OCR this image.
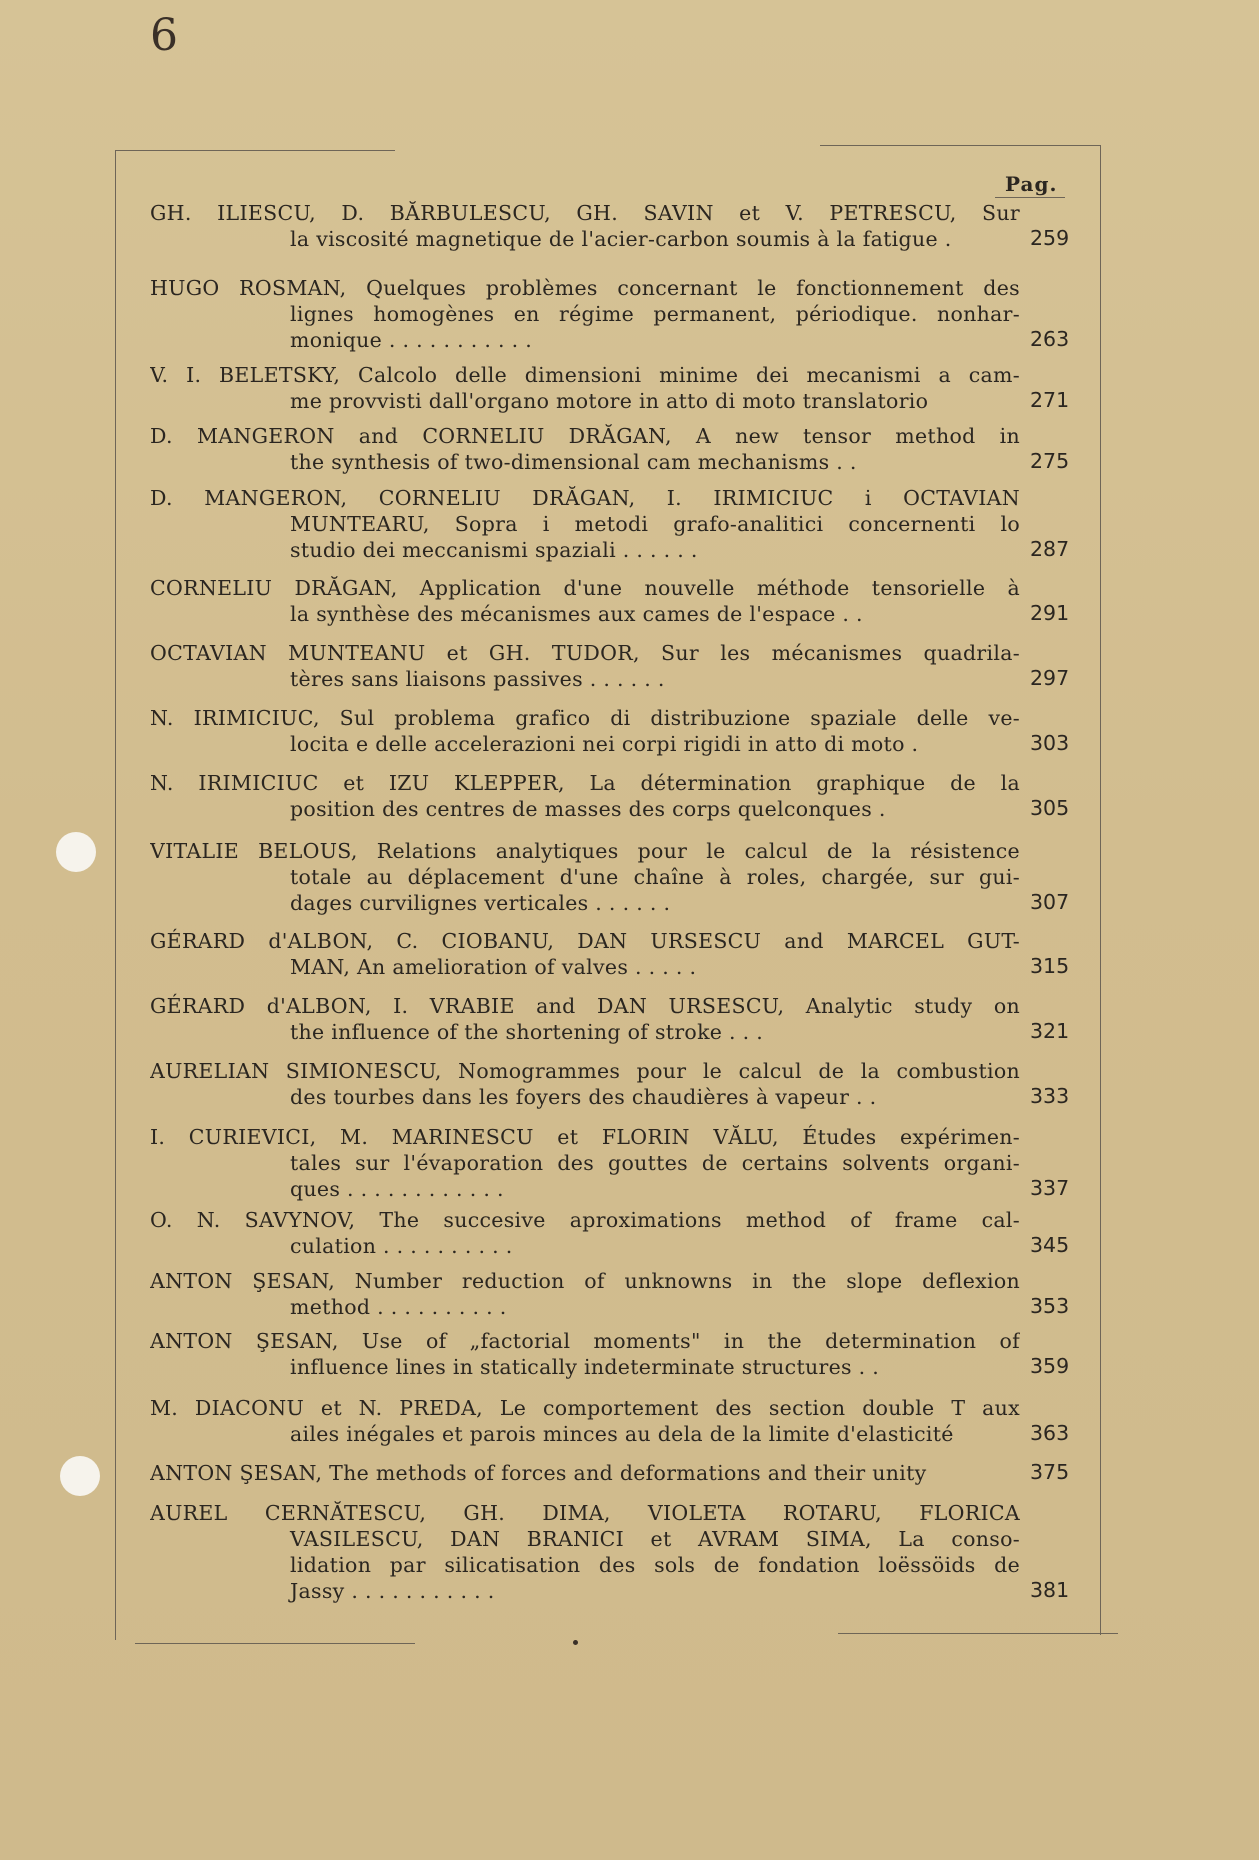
6
Pag.
GH. ILIESCU, D. BĂRBULESCU, GH. SAVIN et V. PETRESCU, Sur
la viscosité magnetique de l'acier-carbon soumis à la fatigue .	259
HUGO ROSMAN, Quelques problèmes concernant le fonctionnement des
lignes homogènes en régime permanent, périodique. nonhar-
monique . . . . . . . . . . .	263
V. I. BELETSKY, Calcolo delle dimensioni minime dei mecanismi a cam-
me provvisti dall'organo motore in atto di moto translatorio	271
D. MANGERON and CORNELIU DRĂGAN, A new tensor method in
the synthesis of two-dimensional cam mechanisms . .	275
D. MANGERON, CORNELIU DRĂGAN, I. IRIMICIUC i OCTAVIAN
MUNTEARU, Sopra i metodi grafo-analitici concernenti lo
studio dei meccanismi spaziali . . . . . .	287
CORNELIU DRĂGAN, Application d'une nouvelle méthode tensorielle à
la synthèse des mécanismes aux cames de l'espace . .	291
OCTAVIAN MUNTEANU et GH. TUDOR, Sur les mécanismes quadrila-
tères sans liaisons passives . . . . . .	297
N. IRIMICIUC, Sul problema grafico di distribuzione spaziale delle ve-
locita e delle accelerazioni nei corpi rigidi in atto di moto .	303
N. IRIMICIUC et IZU KLEPPER, La détermination graphique de la
position des centres de masses des corps quelconques .	305
VITALIE BELOUS, Relations analytiques pour le calcul de la résistence
totale au déplacement d'une chaîne à roles, chargée, sur gui-
dages curvilignes verticales . . . . . .	307
GÉRARD d'ALBON, C. CIOBANU, DAN URSESCU and MARCEL GUT-
MAN, An amelioration of valves . . . . .	315
GÉRARD d'ALBON, I. VRABIE and DAN URSESCU, Analytic study on
the influence of the shortening of stroke . . .	321
AURELIAN SIMIONESCU, Nomogrammes pour le calcul de la combustion
des tourbes dans les foyers des chaudières à vapeur . .	333
I. CURIEVICI, M. MARINESCU et FLORIN VĂLU, Études expérimen-
tales sur l'évaporation des gouttes de certains solvents organi-
ques . . . . . . . . . . . .	337
O. N. SAVYNOV, The succesive aproximations method of frame cal-
culation . . . . . . . . . .	345
ANTON ŞESAN, Number reduction of unknowns in the slope deflexion
method . . . . . . . . . .	353
ANTON ŞESAN, Use of „factorial moments" in the determination of
influence lines in statically indeterminate structures . .	359
M. DIACONU et N. PREDA, Le comportement des section double T aux
ailes inégales et parois minces au dela de la limite d'elasticité	363
ANTON ŞESAN, The methods of forces and deformations and their unity	375
AUREL CERNĂTESCU, GH. DIMA, VIOLETA ROTARU, FLORICA
VASILESCU, DAN BRANICI et AVRAM SIMA, La conso-
lidation par silicatisation des sols de fondation loëssöids de
Jassy . . . . . . . . . . .	381
